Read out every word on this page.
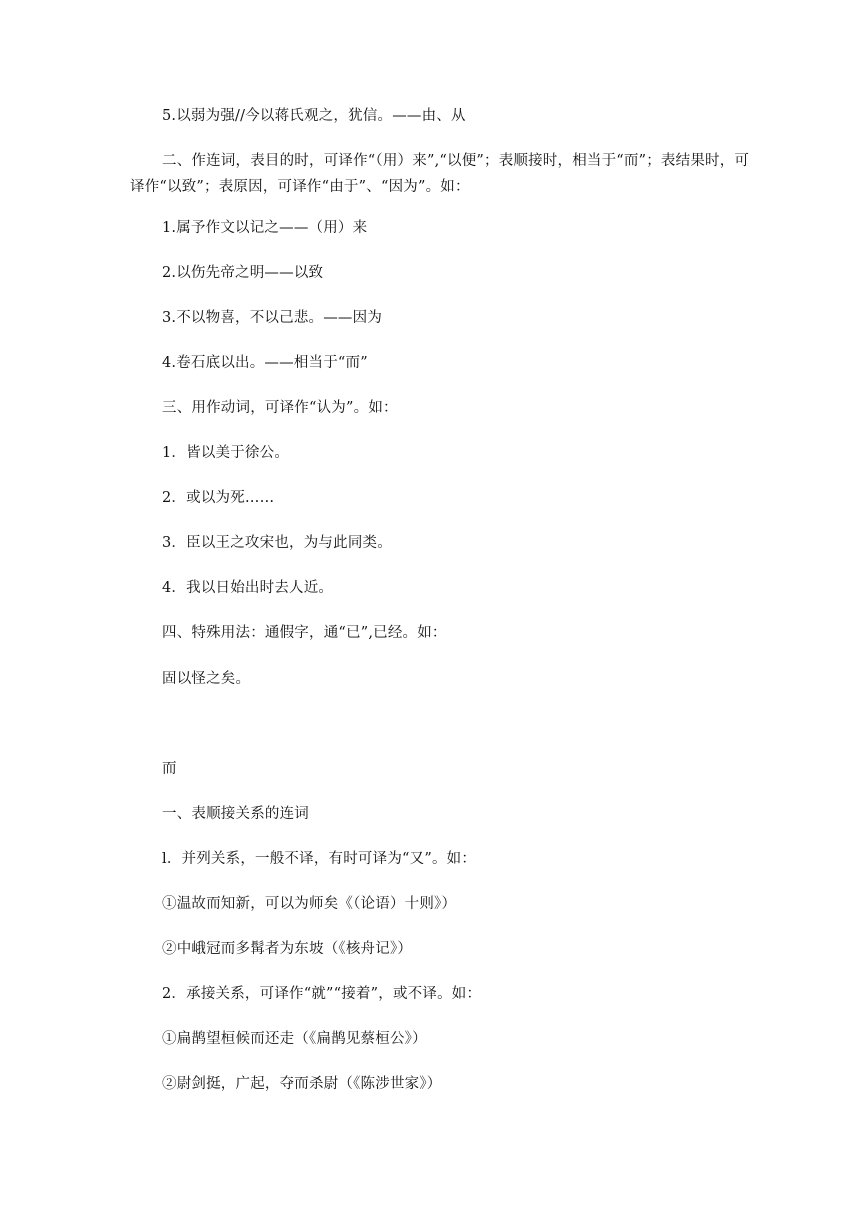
5.以弱为强//今以蒋氏观之，犹信。——由、从
二、作连词，表目的时，可译作“（用）来”,“以便”；表顺接时，相当于“而”；表结果时，可译作“以致”；表原因，可译作“由于”、“因为”。如：
1.属予作文以记之——（用）来
2.以伤先帝之明——以致
3.不以物喜，不以己悲。——因为
4.卷石底以出。——相当于“而”
三、用作动词，可译作“认为”。如：
1．皆以美于徐公。
2．或以为死……
3．臣以王之攻宋也，为与此同类。
4．我以日始出时去人近。
四、特殊用法：通假字，通“已”,已经。如：
固以怪之矣。
而
一、表顺接关系的连词
l．并列关系，一般不译，有时可译为“又”。如：
①温故而知新，可以为师矣《（论语）十则》）
②中峨冠而多髯者为东坡（《核舟记》）
2．承接关系，可译作“就”“接着”，或不译。如：
①扁鹊望桓候而还走（《扁鹊见蔡桓公》）
②尉剑挺，广起，夺而杀尉（《陈涉世家》）
